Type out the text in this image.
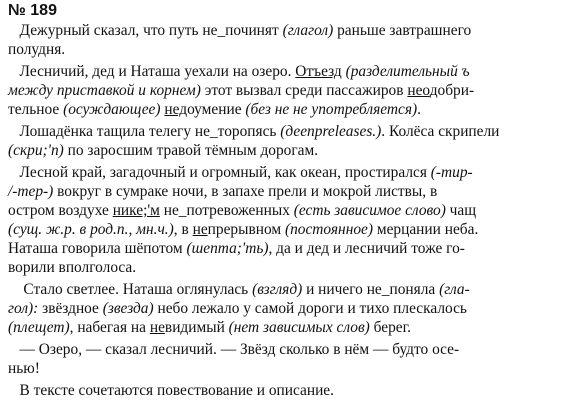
№ 189
Дежурный сказал, что путь не_починят (глагол) раньше завтрашнего
полудня.
Лесничий, дед и Наташа уехали на озеро. Отъезд (разделительный ъ
между приставкой и корнем) этот вызвал среди пассажиров неодобри-
тельное (осуждающее) недоумение (без не не употребляется).
Лошадёнка тащила телегу не_торопясь (деепрreleases.). Колёса скрипели
(скри;'п) по заросшим травой тёмным дорогам.
Лесной край, загадочный и огромный, как океан, простирался (-тир-
/-тер-) вокруг в сумраке ночи, в запахе прели и мокрой листвы, в
остром воздухе нике;'м не_потревоженных (есть зависимое слово) чащ
(сущ. ж.р. в род.п., мн.ч.), в непрерывном (постоянное) мерцании неба.
Наташа говорила шёпотом (шепта;'ть), да и дед и лесничий тоже го-
ворили вполголоса.
Стало светлее. Наташа оглянулась (взгляд) и ничего не_поняла (гла-
гол): звёздное (звезда) небо лежало у самой дороги и тихо плескалось
(плещет), набегая на невидимый (нет зависимых слов) берег.
— Озеро, — сказал лесничий. — Звёзд сколько в нём — будто осе-
нью!
В тексте сочетаются повествование и описание.
